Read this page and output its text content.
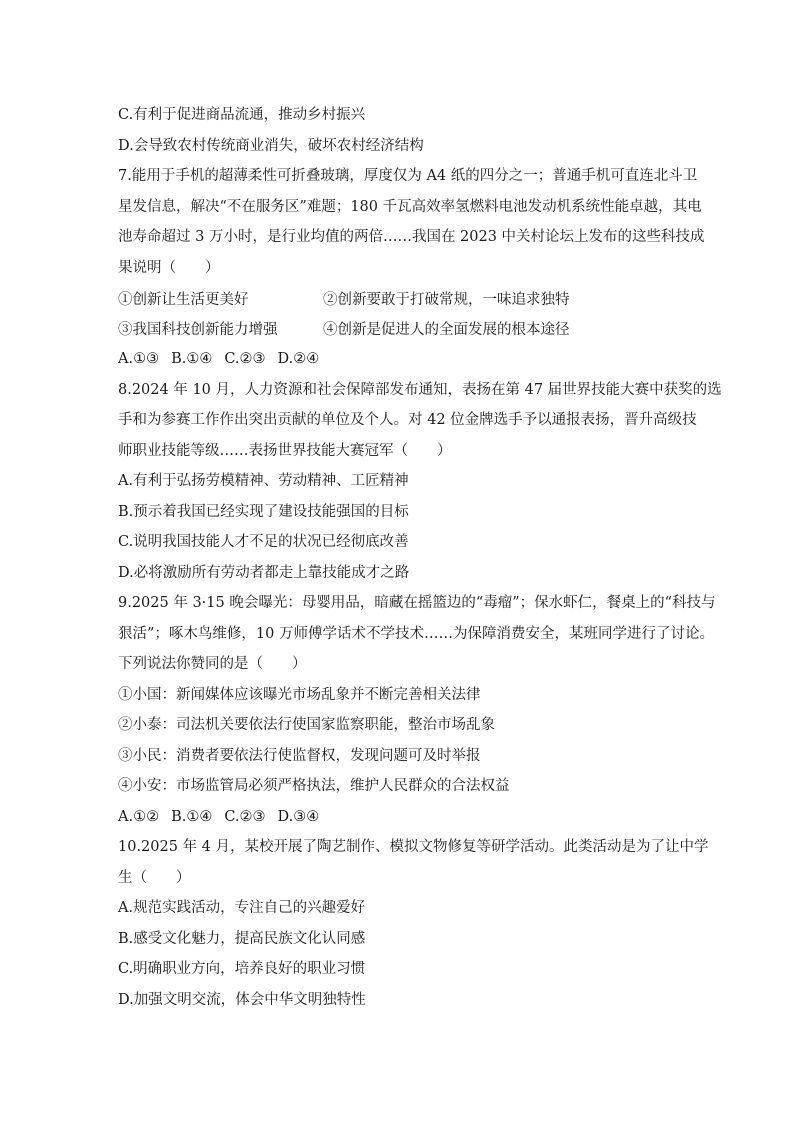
C.有利于促进商品流通，推动乡村振兴
D.会导致农村传统商业消失，破坏农村经济结构
7.能用于手机的超薄柔性可折叠玻璃，厚度仅为 A4 纸的四分之一；普通手机可直连北斗卫
星发信息，解决“不在服务区”难题；180 千瓦高效率氢燃料电池发动机系统性能卓越，其电
池寿命超过 3 万小时，是行业均值的两倍……我国在 2023 中关村论坛上发布的这些科技成
果说明（　　）
①创新让生活更美好	②创新要敢于打破常规，一味追求独特
③我国科技创新能力增强	④创新是促进人的全面发展的根本途径
A.①③ B.①④ C.②③ D.②④
8.2024 年 10 月，人力资源和社会保障部发布通知，表扬在第 47 届世界技能大赛中获奖的选
手和为参赛工作作出突出贡献的单位及个人。对 42 位金牌选手予以通报表扬，晋升高级技
师职业技能等级……表扬世界技能大赛冠军（　　）
A.有利于弘扬劳模精神、劳动精神、工匠精神
B.预示着我国已经实现了建设技能强国的目标
C.说明我国技能人才不足的状况已经彻底改善
D.必将激励所有劳动者都走上靠技能成才之路
9.2025 年 3·15 晚会曝光：母婴用品，暗藏在摇篮边的“毒瘤”；保水虾仁，餐桌上的“科技与
狠活”；啄木鸟维修，10 万师傅学话术不学技术……为保障消费安全，某班同学进行了讨论。
下列说法你赞同的是（　　）
①小国：新闻媒体应该曝光市场乱象并不断完善相关法律
②小泰：司法机关要依法行使国家监察职能，整治市场乱象
③小民：消费者要依法行使监督权，发现问题可及时举报
④小安：市场监管局必须严格执法，维护人民群众的合法权益
A.①② B.①④ C.②③ D.③④
10.2025 年 4 月，某校开展了陶艺制作、模拟文物修复等研学活动。此类活动是为了让中学
生（　　）
A.规范实践活动，专注自己的兴趣爱好
B.感受文化魅力，提高民族文化认同感
C.明确职业方向，培养良好的职业习惯
D.加强文明交流，体会中华文明独特性
